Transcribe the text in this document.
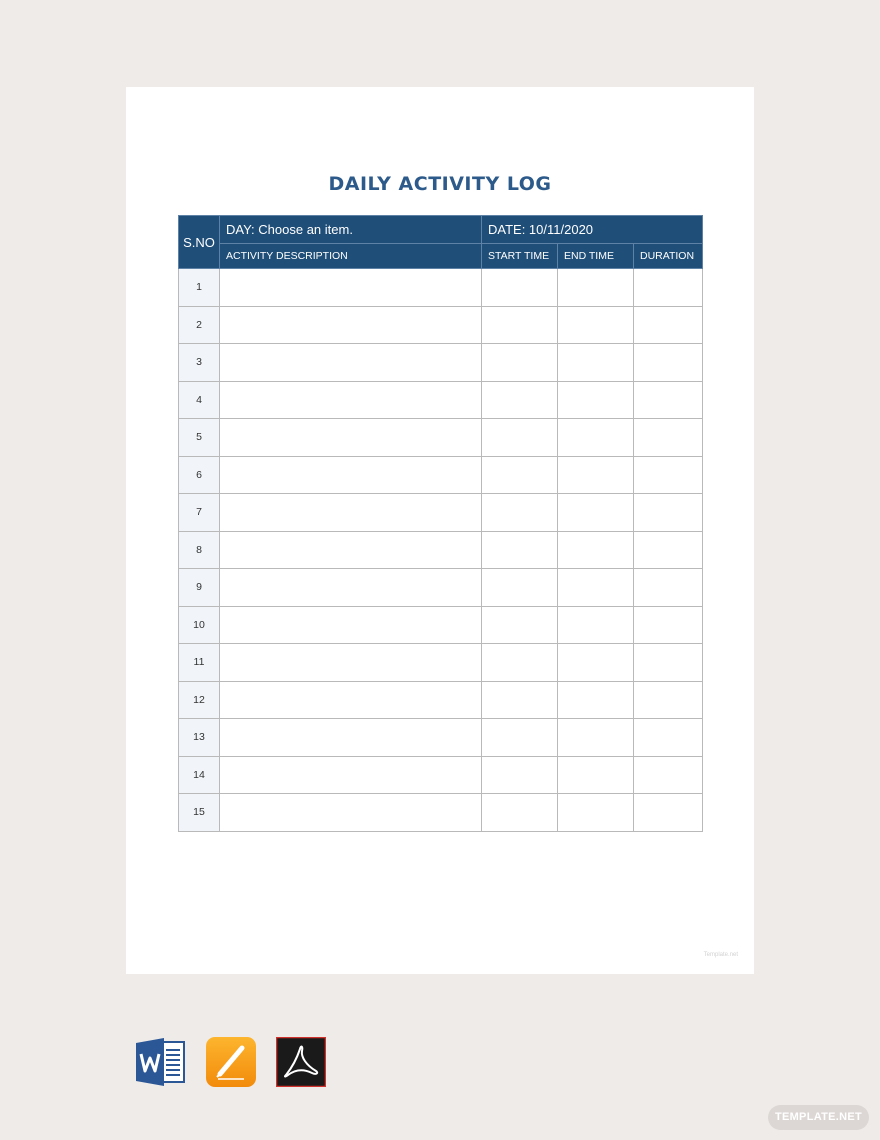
DAILY ACTIVITY LOG
S.NO	DAY: Choose an item.	DATE: 10/11/2020		
	ACTIVITY DESCRIPTION	START TIME	END TIME	DURATION
1				
2				
3				
4				
5				
6				
7				
8				
9				
10				
11				
12				
13				
14				
15				
Template.net
TEMPLATE.NET
